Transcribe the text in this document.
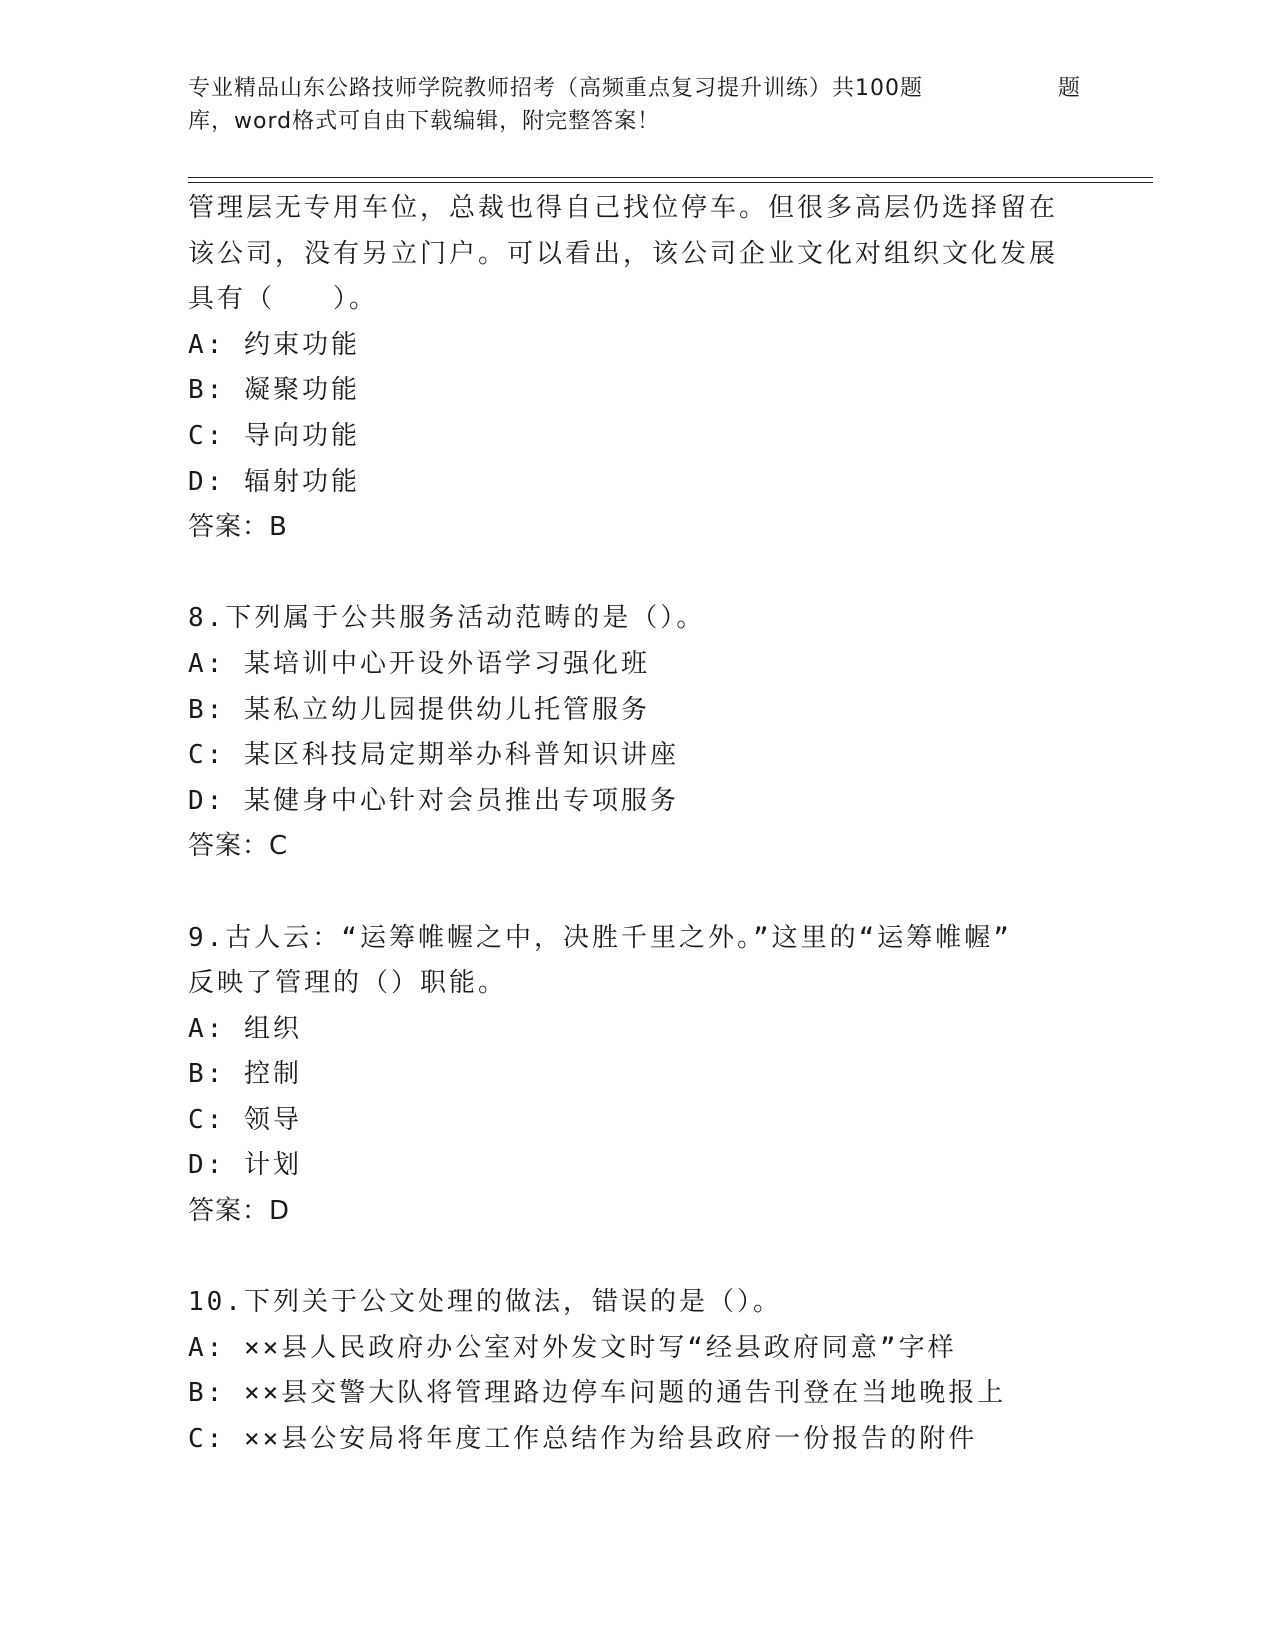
专业精品山东公路技师学院教师招考（高频重点复习提升训练）共100题	题
库，word格式可自由下载编辑，附完整答案！
管理层无专用车位，总裁也得自己找位停车。但很多高层仍选择留在
该公司，没有另立门户。可以看出，该公司企业文化对组织文化发展
具有（　　）。
A: 约束功能
B: 凝聚功能
C: 导向功能
D: 辐射功能
答案：B
8.下列属于公共服务活动范畴的是（）。
A: 某培训中心开设外语学习强化班
B: 某私立幼儿园提供幼儿托管服务
C: 某区科技局定期举办科普知识讲座
D: 某健身中心针对会员推出专项服务
答案：C
9.古人云：“运筹帷幄之中，决胜千里之外。”这里的“运筹帷幄”
反映了管理的（）职能。
A: 组织
B: 控制
C: 领导
D: 计划
答案：D
10.下列关于公文处理的做法，错误的是（）。
A: ××县人民政府办公室对外发文时写“经县政府同意”字样
B: ××县交警大队将管理路边停车问题的通告刊登在当地晚报上
C: ××县公安局将年度工作总结作为给县政府一份报告的附件
